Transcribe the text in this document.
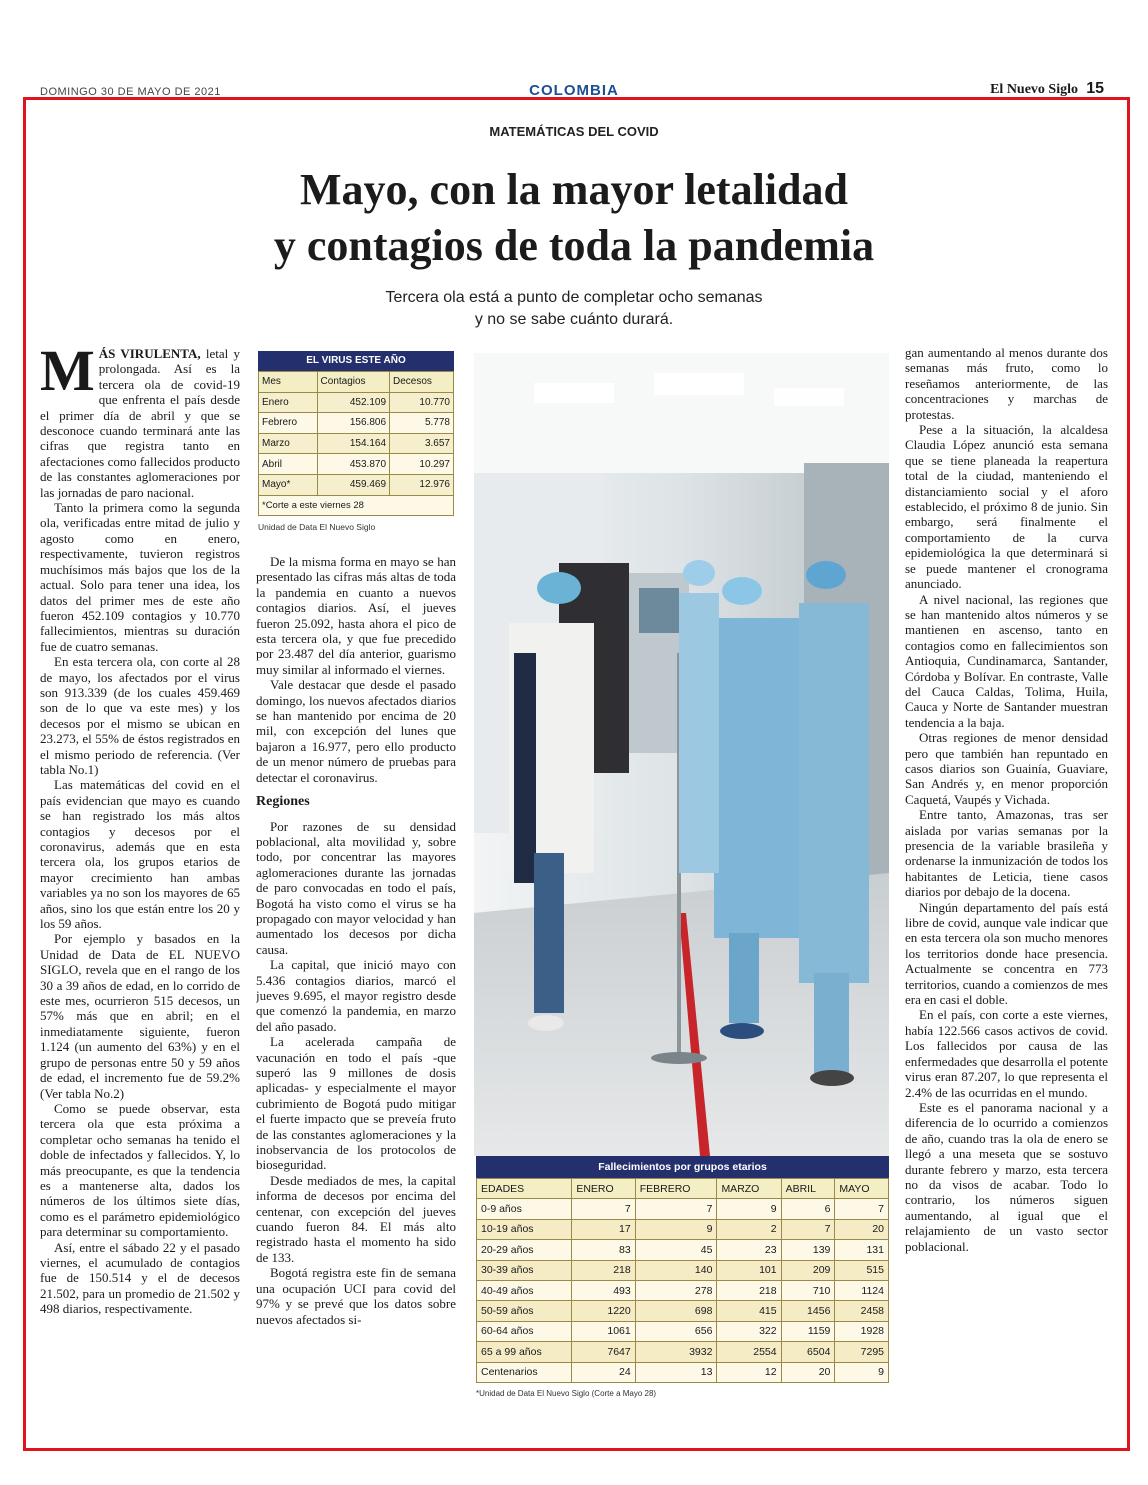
DOMINGO 30 DE MAYO DE 2021	COLOMBIA	El Nuevo Siglo 15
MATEMÁTICAS DEL COVID
Mayo, con la mayor letalidad
y contagios de toda la pandemia
Tercera ola está a punto de completar ocho semanas
y no se sabe cuánto durará.

MÁS VIRULENTA, letal y prolongada. Así es la tercera ola de covid-19 que enfrenta el país desde el primer día de abril y que se desconoce cuando terminará ante las cifras que registra tanto en afectaciones como fallecidos producto de las constantes aglomeraciones por las jornadas de paro nacional.

Tanto la primera como la segunda ola, verificadas entre mitad de julio y agosto como en enero, respectivamente, tuvieron registros muchísimos más bajos que los de la actual. Solo para tener una idea, los datos del primer mes de este año fueron 452.109 contagios y 10.770 fallecimientos, mientras su duración fue de cuatro semanas.

En esta tercera ola, con corte al 28 de mayo, los afectados por el virus son 913.339 (de los cuales 459.469 son de lo que va este mes) y los decesos por el mismo se ubican en 23.273, el 55% de éstos registrados en el mismo periodo de referencia. (Ver tabla No.1)

Las matemáticas del covid en el país evidencian que mayo es cuando se han registrado los más altos contagios y decesos por el coronavirus, además que en esta tercera ola, los grupos etarios de mayor crecimiento han ambas variables ya no son los mayores de 65 años, sino los que están entre los 20 y los 59 años.

Por ejemplo y basados en la Unidad de Data de EL NUEVO SIGLO, revela que en el rango de los 30 a 39 años de edad, en lo corrido de este mes, ocurrieron 515 decesos, un 57% más que en abril; en el inmediatamente siguiente, fueron 1.124 (un aumento del 63%) y en el grupo de personas entre 50 y 59 años de edad, el incremento fue de 59.2% (Ver tabla No.2)

Como se puede observar, esta tercera ola que esta próxima a completar ocho semanas ha tenido el doble de infectados y fallecidos. Y, lo más preocupante, es que la tendencia es a mantenerse alta, dados los números de los últimos siete días, como es el parámetro epidemiológico para determinar su comportamiento.

Así, entre el sábado 22 y el pasado viernes, el acumulado de contagios fue de 150.514 y el de decesos 21.502, para un promedio de 21.502 y 498 diarios, respectivamente.

EL VIRUS ESTE AÑO
Mes	Contagios	Decesos
Enero	452.109	10.770
Febrero	156.806	5.778
Marzo	154.164	3.657
Abril	453.870	10.297
Mayo*	459.469	12.976
*Corte a este viernes 28		
Unidad de Data El Nuevo Siglo

De la misma forma en mayo se han presentado las cifras más altas de toda la pandemia en cuanto a nuevos contagios diarios. Así, el jueves fueron 25.092, hasta ahora el pico de esta tercera ola, y que fue precedido por 23.487 del día anterior, guarismo muy similar al informado el viernes.

Vale destacar que desde el pasado domingo, los nuevos afectados diarios se han mantenido por encima de 20 mil, con excepción del lunes que bajaron a 16.977, pero ello producto de un menor número de pruebas para detectar el coronavirus.

Regiones

Por razones de su densidad poblacional, alta movilidad y, sobre todo, por concentrar las mayores aglomeraciones durante las jornadas de paro convocadas en todo el país, Bogotá ha visto como el virus se ha propagado con mayor velocidad y han aumentado los decesos por dicha causa.

La capital, que inició mayo con 5.436 contagios diarios, marcó el jueves 9.695, el mayor registro desde que comenzó la pandemia, en marzo del año pasado.

La acelerada campaña de vacunación en todo el país -que superó las 9 millones de dosis aplicadas- y especialmente el mayor cubrimiento de Bogotá pudo mitigar el fuerte impacto que se preveía fruto de las constantes aglomeraciones y la inobservancia de los protocolos de bioseguridad.

Desde mediados de mes, la capital informa de decesos por encima del centenar, con excepción del jueves cuando fueron 84. El más alto registrado hasta el momento ha sido de 133.

Bogotá registra este fin de semana una ocupación UCI para covid del 97% y se prevé que los datos sobre nuevos afectados si-

Fallecimientos por grupos etarios
EDADES	ENERO	FEBRERO	MARZO	ABRIL	MAYO
0-9 años	7	7	9	6	7
10-19 años	17	9	2	7	20
20-29 años	83	45	23	139	131
30-39 años	218	140	101	209	515
40-49 años	493	278	218	710	1124
50-59 años	1220	698	415	1456	2458
60-64 años	1061	656	322	1159	1928
65 a 99 años	7647	3932	2554	6504	7295
Centenarios	24	13	12	20	9
*Unidad de Data El Nuevo Siglo (Corte a Mayo 28)

gan aumentando al menos durante dos semanas más fruto, como lo reseñamos anteriormente, de las concentraciones y marchas de protestas.

Pese a la situación, la alcaldesa Claudia López anunció esta semana que se tiene planeada la reapertura total de la ciudad, manteniendo el distanciamiento social y el aforo establecido, el próximo 8 de junio. Sin embargo, será finalmente el comportamiento de la curva epidemiológica la que determinará si se puede mantener el cronograma anunciado.

A nivel nacional, las regiones que se han mantenido altos números y se mantienen en ascenso, tanto en contagios como en fallecimientos son Antioquia, Cundinamarca, Santander, Córdoba y Bolívar. En contraste, Valle del Cauca Caldas, Tolima, Huila, Cauca y Norte de Santander muestran tendencia a la baja.

Otras regiones de menor densidad pero que también han repuntado en casos diarios son Guainía, Guaviare, San Andrés y, en menor proporción Caquetá, Vaupés y Vichada.

Entre tanto, Amazonas, tras ser aislada por varias semanas por la presencia de la variable brasileña y ordenarse la inmunización de todos los habitantes de Leticia, tiene casos diarios por debajo de la docena.

Ningún departamento del país está libre de covid, aunque vale indicar que en esta tercera ola son mucho menores los territorios donde hace presencia. Actualmente se concentra en 773 territorios, cuando a comienzos de mes era en casi el doble.

En el país, con corte a este viernes, había 122.566 casos activos de covid. Los fallecidos por causa de las enfermedades que desarrolla el potente virus eran 87.207, lo que representa el 2.4% de las ocurridas en el mundo.

Este es el panorama nacional y a diferencia de lo ocurrido a comienzos de año, cuando tras la ola de enero se llegó a una meseta que se sostuvo durante febrero y marzo, esta tercera no da visos de acabar. Todo lo contrario, los números siguen aumentando, al igual que el relajamiento de un vasto sector poblacional.
